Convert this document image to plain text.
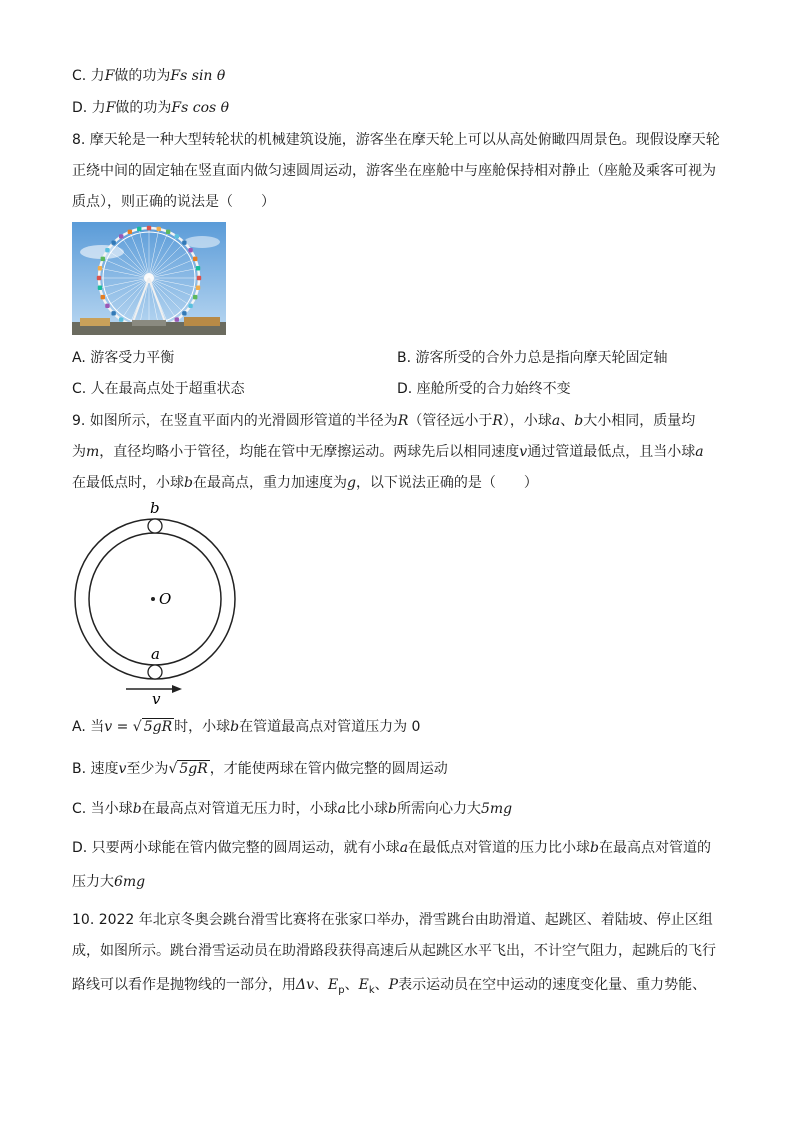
C. 力F做的功为Fs sin θ
D. 力F做的功为Fs cos θ
8. 摩天轮是一种大型转轮状的机械建筑设施，游客坐在摩天轮上可以从高处俯瞰四周景色。现假设摩天轮
正绕中间的固定轴在竖直面内做匀速圆周运动，游客坐在座舱中与座舱保持相对静止（座舱及乘客可视为
质点），则正确的说法是（　　）
A. 游客受力平衡	B. 游客所受的合外力总是指向摩天轮固定轴
C. 人在最高点处于超重状态	D. 座舱所受的合力始终不变
9. 如图所示，在竖直平面内的光滑圆形管道的半径为R（管径远小于R），小球a、b大小相同，质量均
为m，直径均略小于管径，均能在管中无摩擦运动。两球先后以相同速度v通过管道最低点，且当小球a
在最低点时，小球b在最高点，重力加速度为g，以下说法正确的是（　　）
b
O
a
v
A. 当v = √ 5gR 时，小球b在管道最高点对管道压力为 0
B. 速度v至少为√ 5gR ，才能使两球在管内做完整的圆周运动
C. 当小球b在最高点对管道无压力时，小球a比小球b所需向心力大5mg
D. 只要两小球能在管内做完整的圆周运动，就有小球a在最低点对管道的压力比小球b在最高点对管道的
压力大6mg
10. 2022 年北京冬奥会跳台滑雪比赛将在张家口举办，滑雪跳台由助滑道、起跳区、着陆坡、停止区组
成，如图所示。跳台滑雪运动员在助滑路段获得高速后从起跳区水平飞出，不计空气阻力，起跳后的飞行
路线可以看作是抛物线的一部分，用Δv、$E_p$、$E_k$、P表示运动员在空中运动的速度变化量、重力势能、
